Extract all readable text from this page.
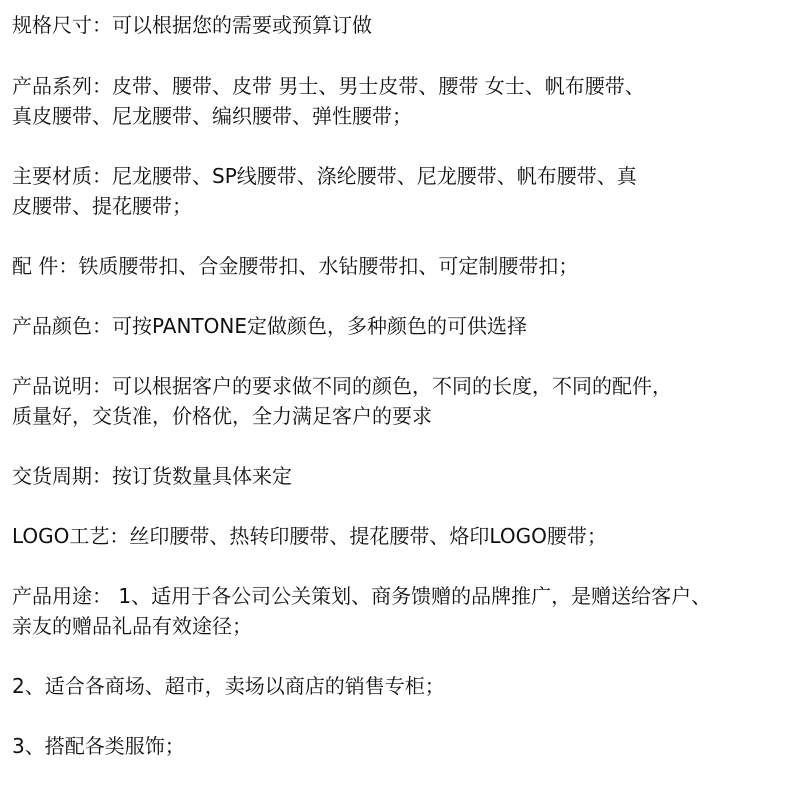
规格尺寸：可以根据您的需要或预算订做
产品系列：皮带、腰带、皮带 男士、男士皮带、腰带 女士、帆布腰带、
真皮腰带、尼龙腰带、编织腰带、弹性腰带；
主要材质：尼龙腰带、SP线腰带、涤纶腰带、尼龙腰带、帆布腰带、真
皮腰带、提花腰带；
配 件：铁质腰带扣、合金腰带扣、水钻腰带扣、可定制腰带扣；
产品颜色：可按PANTONE定做颜色，多种颜色的可供选择
产品说明：可以根据客户的要求做不同的颜色，不同的长度，不同的配件，
质量好，交货准，价格优，全力满足客户的要求
交货周期：按订货数量具体来定
LOGO工艺：丝印腰带、热转印腰带、提花腰带、烙印LOGO腰带；
产品用途： 1、适用于各公司公关策划、商务馈赠的品牌推广，是赠送给客户、
亲友的赠品礼品有效途径；
2、适合各商场、超市，卖场以商店的销售专柜；
3、搭配各类服饰；
